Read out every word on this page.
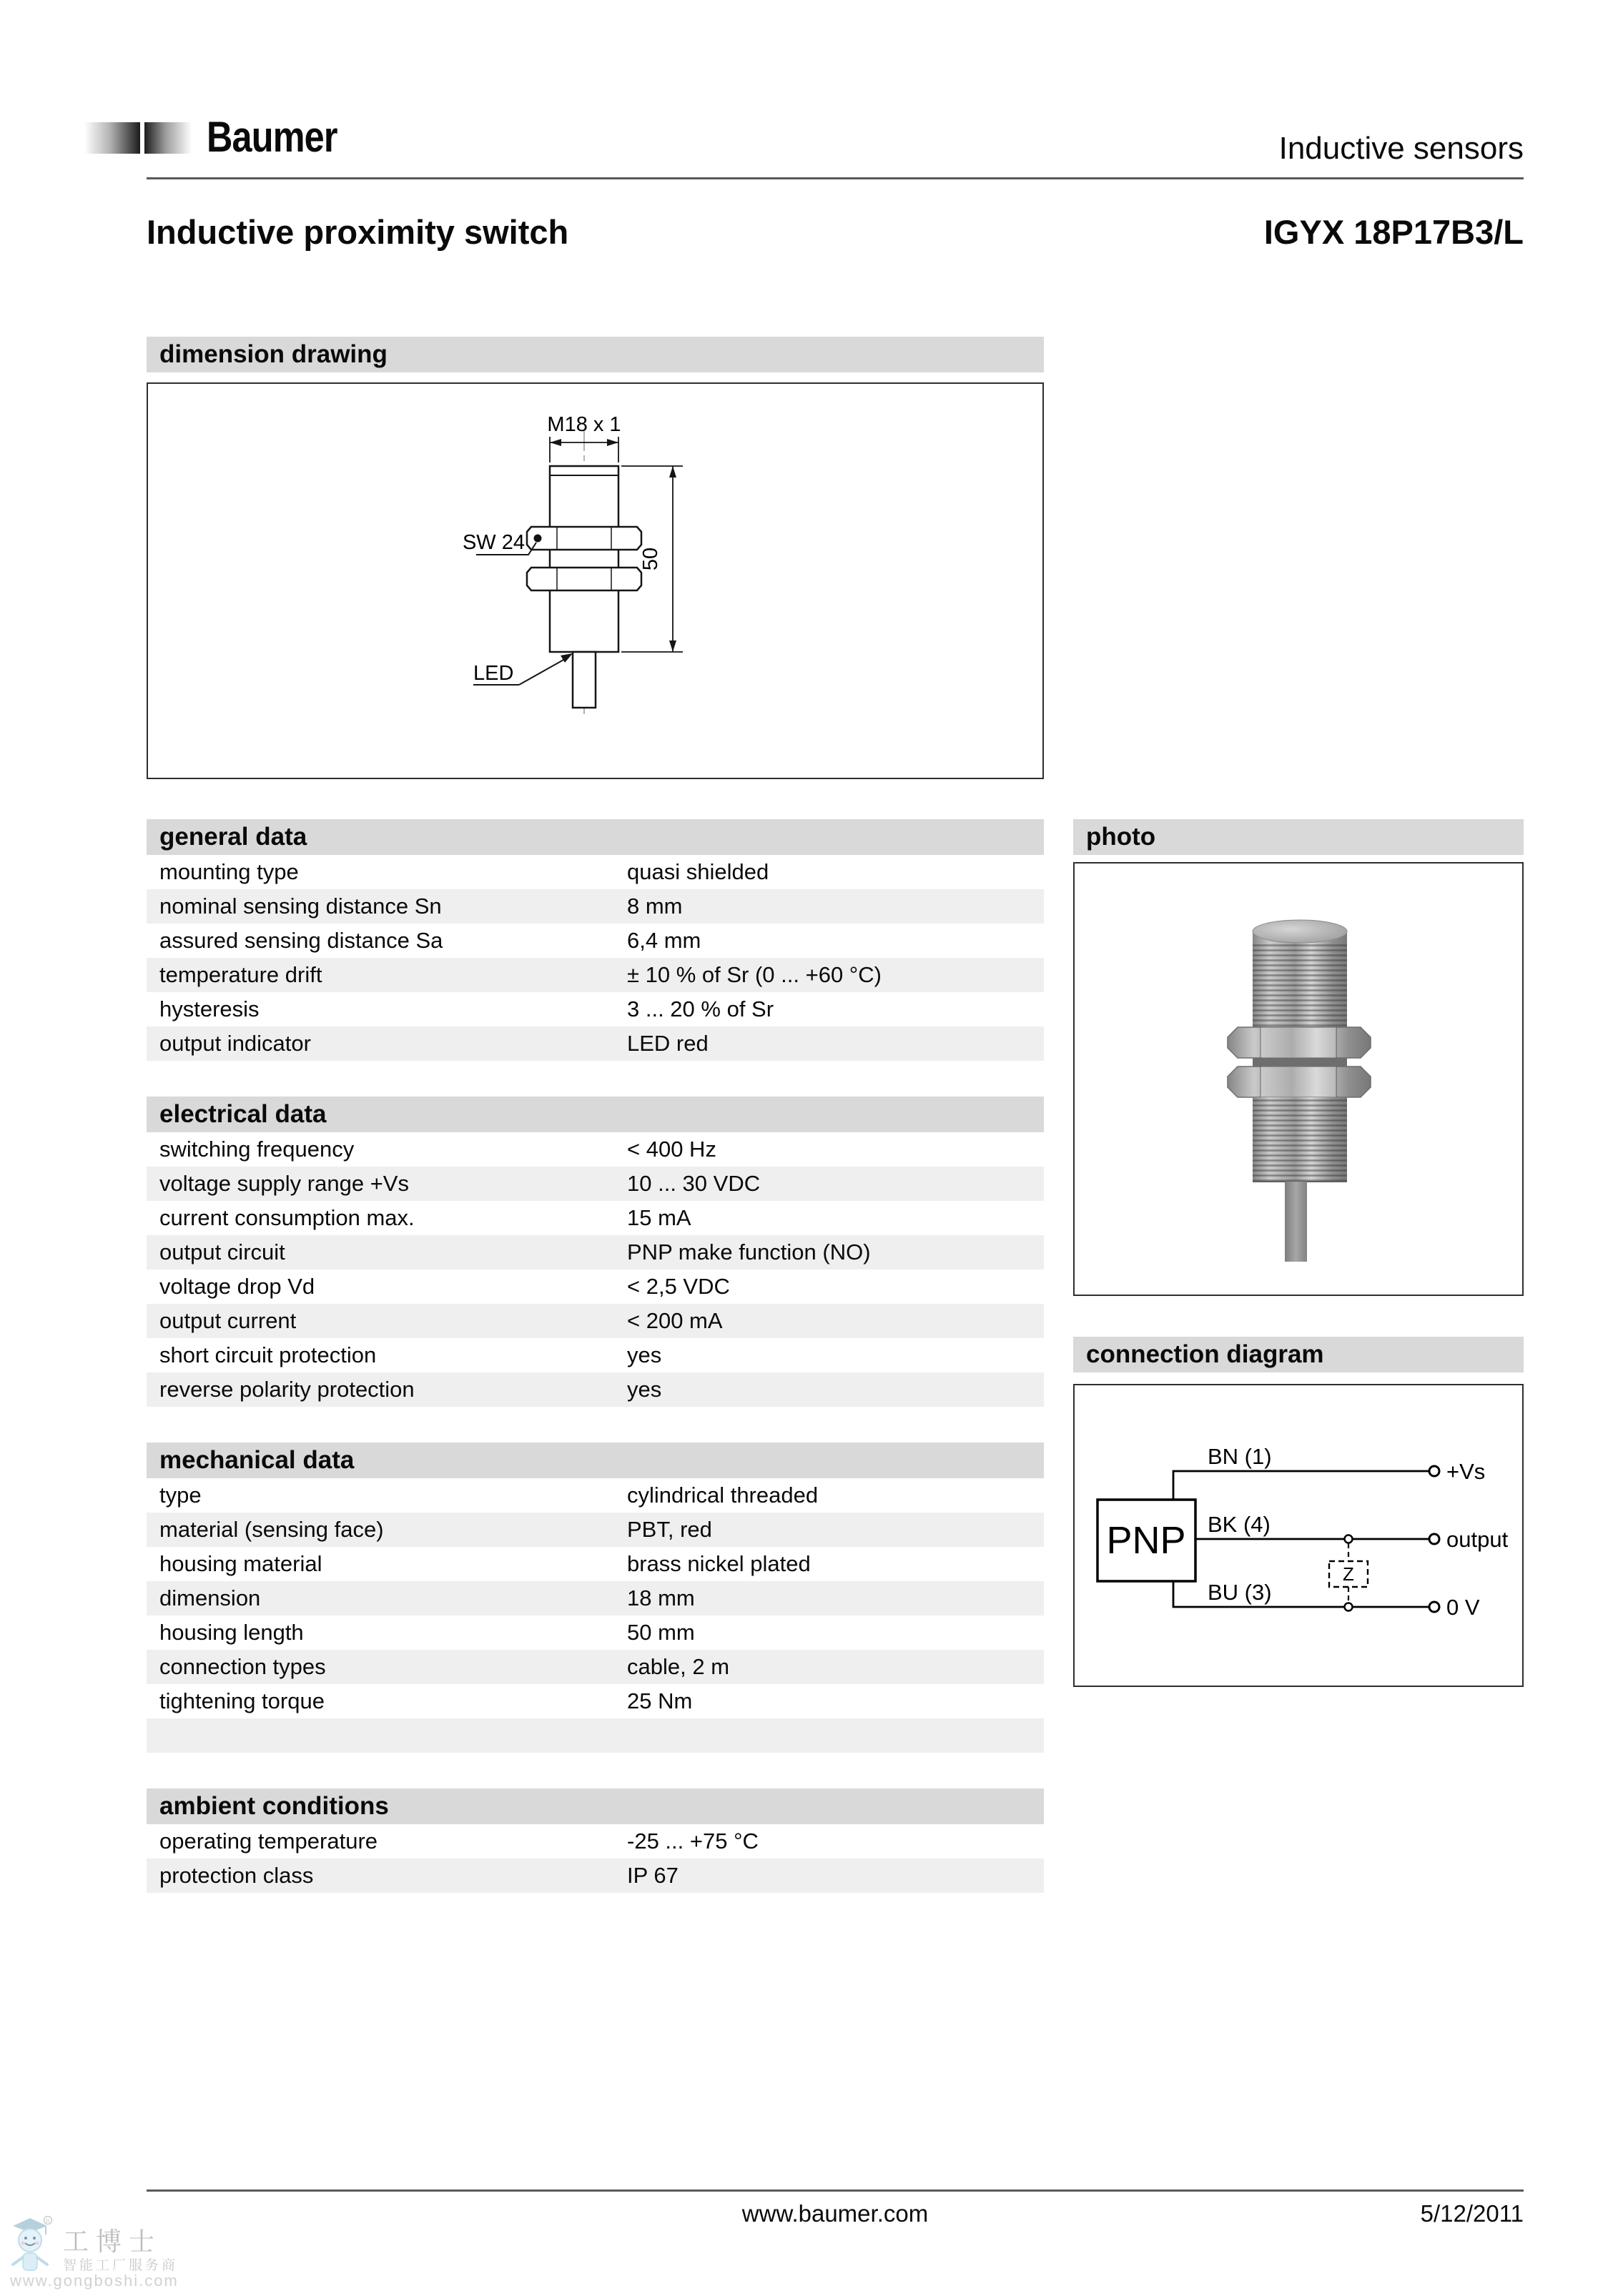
Baumer	Inductive sensors
Inductive proximity switch	IGYX 18P17B3/L
dimension drawing
M18 x 1
50
SW 24
LED
general data
mounting type	quasi shielded
nominal sensing distance Sn	8 mm
assured sensing distance Sa	6,4 mm
temperature drift	± 10 % of Sr (0 ... +60 °C)
hysteresis	3 ... 20 % of Sr
output indicator	LED red
electrical data
switching frequency	< 400 Hz
voltage supply range +Vs	10 ... 30 VDC
current consumption max.	15 mA
output circuit	PNP make function (NO)
voltage drop Vd	< 2,5 VDC
output current	< 200 mA
short circuit protection	yes
reverse polarity protection	yes
mechanical data
type	cylindrical threaded
material (sensing face)	PBT, red
housing material	brass nickel plated
dimension	18 mm
housing length	50 mm
connection types	cable, 2 m
tightening torque	25 Nm
ambient conditions
operating temperature	-25 ... +75 °C
protection class	IP 67
photo
connection diagram
PNP
BN (1)
+Vs
BK (4)
output
Z
BU (3)
0 V
www.baumer.com	5/12/2011
R
工博士
智能工厂服务商
www.gongboshi.com
